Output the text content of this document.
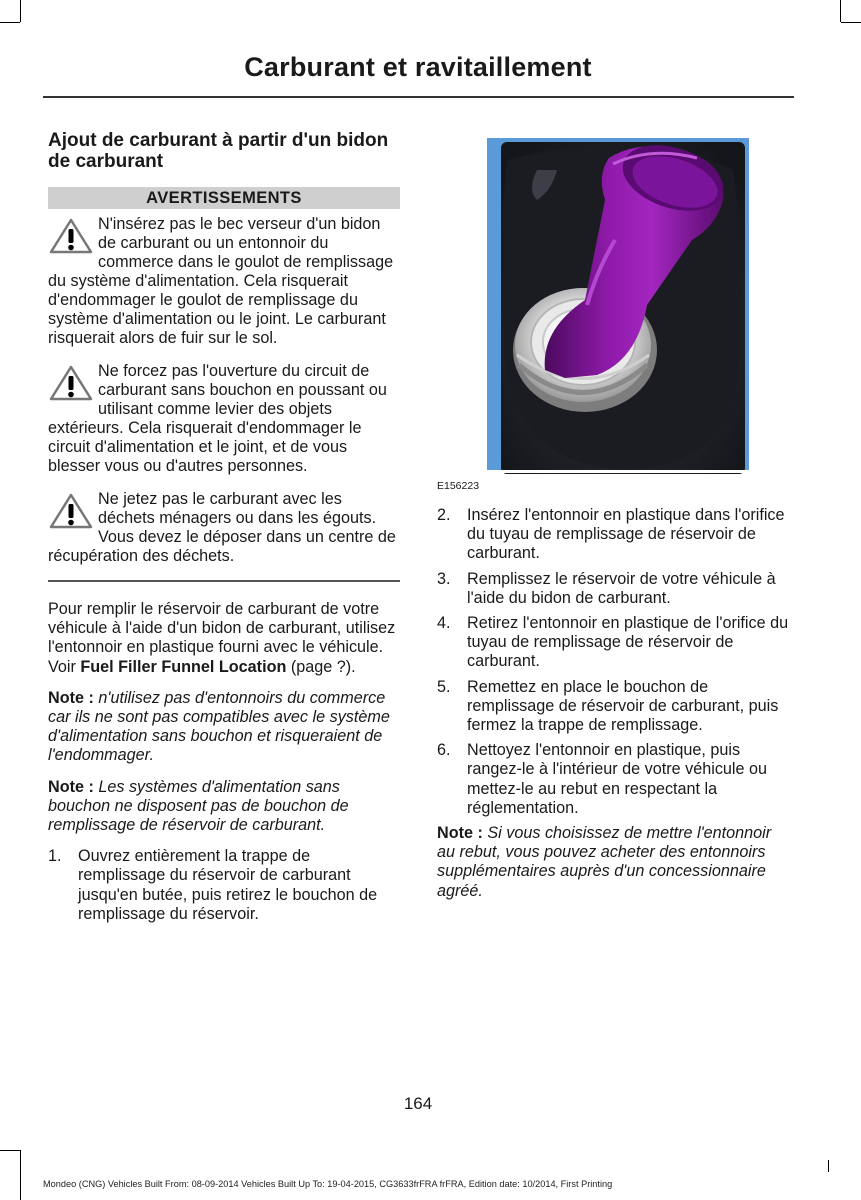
Carburant et ravitaillement
Ajout de carburant à partir d'un bidon de carburant
AVERTISSEMENTS

N'insérez pas le bec verseur d'un bidon de carburant ou un entonnoir du commerce dans le goulot de remplissage du système d'alimentation. Cela risquerait d'endommager le goulot de remplissage du système d'alimentation ou le joint. Le carburant risquerait alors de fuir sur le sol.

Ne forcez pas l'ouverture du circuit de carburant sans bouchon en poussant ou utilisant comme levier des objets extérieurs. Cela risquerait d'endommager le circuit d'alimentation et le joint, et de vous blesser vous ou d'autres personnes.

Ne jetez pas le carburant avec les déchets ménagers ou dans les égouts. Vous devez le déposer dans un centre de récupération des déchets.

Pour remplir le réservoir de carburant de votre véhicule à l'aide d'un bidon de carburant, utilisez l'entonnoir en plastique fourni avec le véhicule. Voir Fuel Filler Funnel Location (page ?).

Note : n'utilisez pas d'entonnoirs du commerce car ils ne sont pas compatibles avec le système d'alimentation sans bouchon et risqueraient de l'endommager.

Note : Les systèmes d'alimentation sans bouchon ne disposent pas de bouchon de remplissage de réservoir de carburant.

1. Ouvrez entièrement la trappe de remplissage du réservoir de carburant jusqu'en butée, puis retirez le bouchon de remplissage du réservoir.
E156223
2. Insérez l'entonnoir en plastique dans l'orifice du tuyau de remplissage de réservoir de carburant.
3. Remplissez le réservoir de votre véhicule à l'aide du bidon de carburant.
4. Retirez l'entonnoir en plastique de l'orifice du tuyau de remplissage de réservoir de carburant.
5. Remettez en place le bouchon de remplissage de réservoir de carburant, puis fermez la trappe de remplissage.
6. Nettoyez l'entonnoir en plastique, puis rangez-le à l'intérieur de votre véhicule ou mettez-le au rebut en respectant la réglementation.

Note : Si vous choisissez de mettre l'entonnoir au rebut, vous pouvez acheter des entonnoirs supplémentaires auprès d'un concessionnaire agréé.

164
Mondeo (CNG) Vehicles Built From: 08-09-2014 Vehicles Built Up To: 19-04-2015, CG3633frFRA frFRA, Edition date: 10/2014, First Printing
